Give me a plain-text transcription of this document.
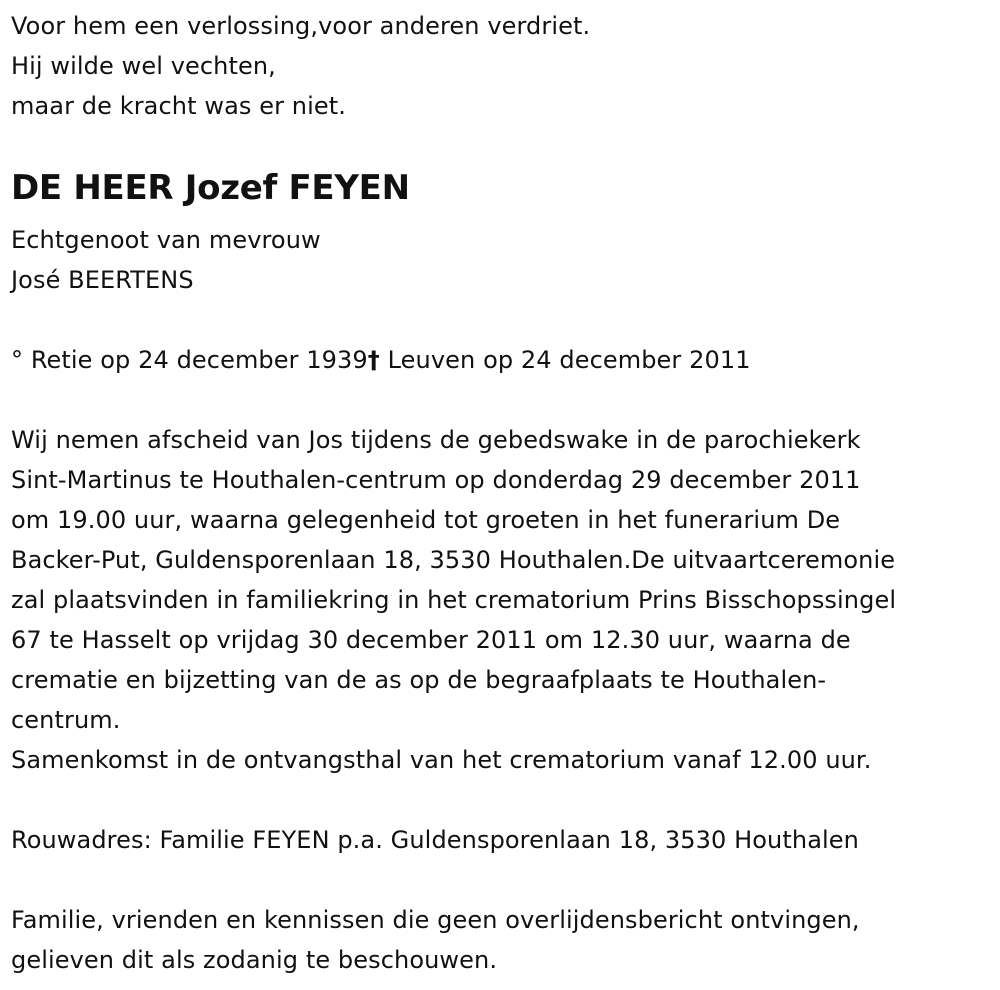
Voor hem een verlossing,voor anderen verdriet.
Hij wilde wel vechten,
maar de kracht was er niet.
DE HEER Jozef FEYEN
Echtgenoot van mevrouw
José BEERTENS
° Retie op 24 december 1939† Leuven op 24 december 2011
Wij nemen afscheid van Jos tijdens de gebedswake in de parochiekerk
Sint-Martinus te Houthalen-centrum op donderdag 29 december 2011
om 19.00 uur, waarna gelegenheid tot groeten in het funerarium De
Backer-Put, Guldensporenlaan 18, 3530 Houthalen.De uitvaartceremonie
zal plaatsvinden in familiekring in het crematorium Prins Bisschopssingel
67 te Hasselt op vrijdag 30 december 2011 om 12.30 uur, waarna de
crematie en bijzetting van de as op de begraafplaats te Houthalen-
centrum.
Samenkomst in de ontvangsthal van het crematorium vanaf 12.00 uur.
Rouwadres: Familie FEYEN p.a. Guldensporenlaan 18, 3530 Houthalen
Familie, vrienden en kennissen die geen overlijdensbericht ontvingen,
gelieven dit als zodanig te beschouwen.
